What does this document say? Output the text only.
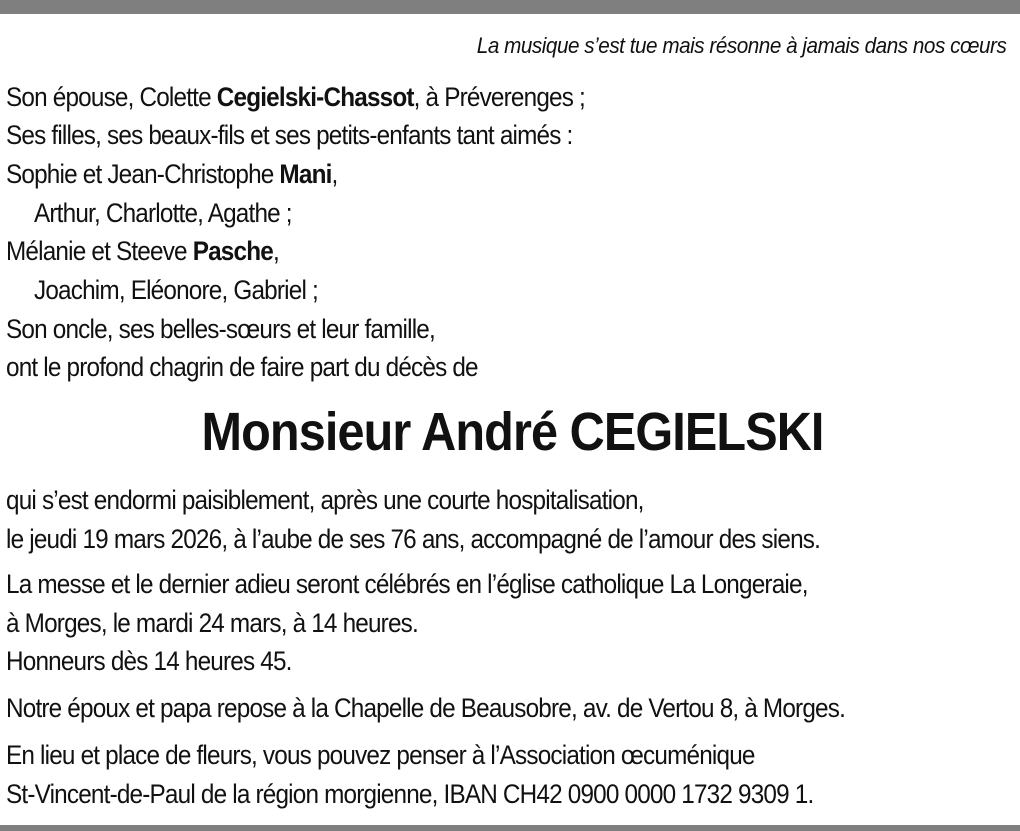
La musique s’est tue mais résonne à jamais dans nos cœurs
Son épouse, Colette Cegielski-Chassot, à Préverenges ;
Ses filles, ses beaux-fils et ses petits-enfants tant aimés :
Sophie et Jean-Christophe Mani,
Arthur, Charlotte, Agathe ;
Mélanie et Steeve Pasche,
Joachim, Eléonore, Gabriel ;
Son oncle, ses belles-sœurs et leur famille,
ont le profond chagrin de faire part du décès de
Monsieur André CEGIELSKI
qui s’est endormi paisiblement, après une courte hospitalisation,
le jeudi 19 mars 2026, à l’aube de ses 76 ans, accompagné de l’amour des siens.
La messe et le dernier adieu seront célébrés en l’église catholique La Longeraie,
à Morges, le mardi 24 mars, à 14 heures.
Honneurs dès 14 heures 45.
Notre époux et papa repose à la Chapelle de Beausobre, av. de Vertou 8, à Morges.
En lieu et place de fleurs, vous pouvez penser à l’Association œcuménique
St-Vincent-de-Paul de la région morgienne, IBAN CH42 0900 0000 1732 9309 1.
